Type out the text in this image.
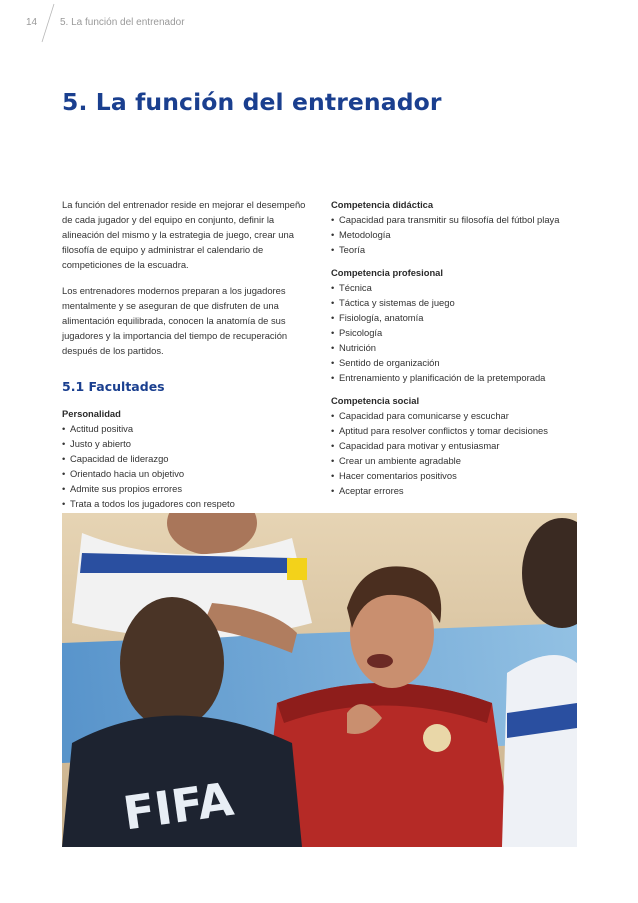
14 5. La función del entrenador
5. La función del entrenador

La función del entrenador reside en mejorar el desempeño de cada jugador y del equipo en conjunto, definir la alineación del mismo y la estrategia de juego, crear una filosofía de equipo y administrar el calendario de competiciones de la escuadra.

Los entrenadores modernos preparan a los jugadores mentalmente y se aseguran de que disfruten de una alimentación equilibrada, conocen la anatomía de sus jugadores y la importancia del tiempo de recuperación después de los partidos.

5.1 Facultades
Personalidad
• Actitud positiva
• Justo y abierto
• Capacidad de liderazgo
• Orientado hacia un objetivo
• Admite sus propios errores
• Trata a todos los jugadores con respeto
Competencia didáctica
• Capacidad para transmitir su filosofía del fútbol playa
• Metodología
• Teoría
Competencia profesional
• Técnica
• Táctica y sistemas de juego
• Fisiología, anatomía
• Psicología
• Nutrición
• Sentido de organización
• Entrenamiento y planificación de la pretemporada
Competencia social
• Capacidad para comunicarse y escuchar
• Aptitud para resolver conflictos y tomar decisiones
• Capacidad para motivar y entusiasmar
• Crear un ambiente agradable
• Hacer comentarios positivos
• Aceptar errores
FIFA
